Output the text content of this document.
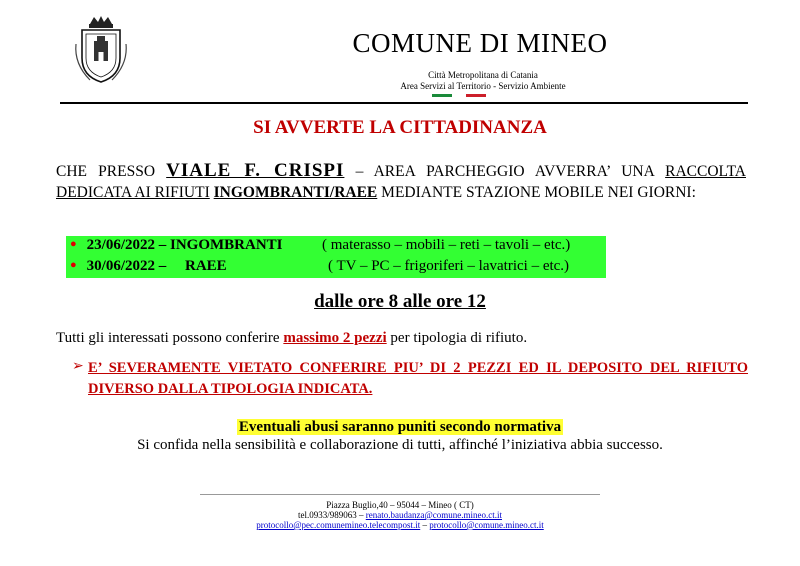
COMUNE DI MINEO
Città Metropolitana di Catania
Area Servizi al Territorio - Servizio Ambiente
SI AVVERTE LA CITTADINANZA
CHE PRESSO VIALE F. CRISPI – AREA PARCHEGGIO AVVERRA’ UNA RACCOLTA DEDICATA AI RIFIUTI INGOMBRANTI/RAEE MEDIANTE STAZIONE MOBILE NEI GIORNI:
● 23/06/2022 – INGOMBRANTI	( materasso – mobili – reti – tavoli – etc.)
● 30/06/2022 –     RAEE	( TV – PC – frigoriferi – lavatrici – etc.)
dalle ore 8 alle ore 12
Tutti gli interessati possono conferire massimo 2 pezzi per tipologia di rifiuto.
➢ E’ SEVERAMENTE VIETATO CONFERIRE PIU’ DI 2 PEZZI ED IL DEPOSITO DEL RIFIUTO DIVERSO DALLA TIPOLOGIA INDICATA.
Eventuali abusi saranno puniti secondo normativa
Si confida nella sensibilità e collaborazione di tutti, affinché l’iniziativa abbia successo.
Piazza Buglio,40 – 95044 – Mineo ( CT)
tel.0933/989063 – renato.baudanza@comune.mineo.ct.it
protocollo@pec.comunemineo.telecompost.it – protocollo@comune.mineo.ct.it
